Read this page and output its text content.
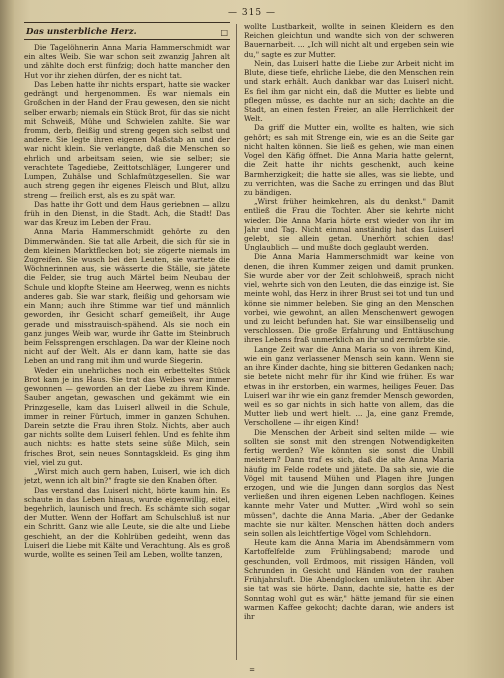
— 315 —
Das unsterbliche Herz.	□

Die Tagelöhnerin Anna Maria Hammerschmidt war ein altes Weib. Sie war schon seit zwanzig Jahren alt und zählte doch erst fünfzig; doch hatte mancher den Hut vor ihr ziehen dürfen, der es nicht tat.

Das Leben hatte ihr nichts erspart, hatte sie wacker gedrängt und hergenommen. Es war niemals ein Großchen in der Hand der Frau gewesen, den sie nicht selber erwarb; niemals ein Stück Brot, für das sie nicht mit Schweiß, Mühe und Schwielen zahlte. Sie war fromm, derb, fleißig und streng gegen sich selbst und andere. Sie legte ihren eigenen Maßstab an und der war nicht klein. Sie verlangte, daß die Menschen so ehrlich und arbeitsam seien, wie sie selber; sie verachtete Tagediebe, Zeittotschläger, Lungerer und Lumpen, Zuhälse und Schlafmützgesellen. Sie war auch streng gegen ihr eigenes Fleisch und Blut, allzu streng — freilich erst, als es zu spät war.

Das hatte ihr Gott und dem Haus geriebnen — allzu früh in den Dienst, in die Stadt. Ach, die Stadt! Das war das Kreuz im Leben der Frau.

Anna Maria Hammerschmidt gehörte zu den Dimmerwänden. Sie tat alle Arbeit, die sich für sie in dem kleinen Marktflecken bot; sie zögerte niemals im Zugreifen. Sie wusch bei den Leuten, sie wartete die Wöchnerinnen aus, sie wässerte die Ställe, sie jätete die Felder, sie trug auch Märtel beim Neubau der Schule und klopfte Steine am Heerweg, wenn es nichts anderes gab. Sie war stark, fleißig und gehorsam wie ein Mann; auch ihre Stimme war tief und männlich geworden, ihr Gesicht scharf gemeißelt, ihr Auge gerade und misstrauisch-spähend. Als sie noch ein ganz junges Weib war, wurde ihr Gatte im Steinbruch beim Felssprengen erschlagen. Da war der Kleine noch nicht auf der Welt. Als er dann kam, hatte sie das Leben an und rang mit ihm und wurde Siegerin.

Weder ein unehrliches noch ein erbetteltes Stück Brot kam je ins Haus. Sie trat das Weibes war immer gewonnen — geworden an der Liebe zu ihrem Kinde. Sauber angetan, gewaschen und gekämmt wie ein Prinzgeselle, kam das Luiserl allweil in die Schule, immer in reiner Fürtuch, immer in ganzen Schuhen. Darein setzte die Frau ihren Stolz. Nichts, aber auch gar nichts sollte dem Luiserl fehlen. Und es fehlte ihm auch nichts: es hatte stets seine süße Milch, sein frisches Brot, sein neues Sonntagskleid. Es ging ihm viel, viel zu gut.

„Wirst mich auch gern haben, Luiserl, wie ich dich jetzt, wenn ich alt bin?" fragte sie den Knaben öfter.

Das verstand das Luiserl nicht, hörte kaum hin. Es schaute in das Leben hinaus, wurde eigenwillig, eitel, begehrlich, launisch und frech. Es schämte sich sogar der Mutter. Wenn der Hoffart am Schulschluß ist nur ein Schritt. Ganz wie alle Leute, sie die alte und Liebe geschieht, an der die Kohlrüben gedeiht, wenn das Luiserl die Liebe mit Kälte und Verachtung. Als es groß wurde, wollte es seinen Teil am Leben, wollte tanzen,

wollte Lustbarkeit, wollte in seinen Kleidern es den Reichen gleichtun und wandte sich von der schweren Bauernarbeit. ... „Ich will nicht alt und ergeben sein wie du," sagte es zur Mutter.

Nein, das Luiserl hatte die Liebe zur Arbeit nicht im Blute, diese tiefe, ehrliche Liebe, die den Menschen rein und stark erhält. Auch dankbar war das Luiserl nicht. Es fiel ihm gar nicht ein, daß die Mutter es liebte und pflegen müsse, es dachte nur an sich; dachte an die Stadt, an einen festen Freier, an alle Herrlichkeit der Welt.

Da griff die Mutter ein, wollte es halten, wie sich gehört; es sah mit Strenge ein, wie es an die Seite gar nicht halten können. Sie ließ es gehen, wie man einen Vogel den Käfig öffnet. Die Anna Maria hatte gelernt, die Zeit hatte ihr nichts geschenkt, auch keine Barmherzigkeit; die hatte sie alles, was sie liebte, und zu verrichten, was die Sache zu erringen und das Blut zu bändigen.

„Wirst früher heimkehren, als du denkst." Damit entließ die Frau die Tochter. Aber sie kehrte nicht wieder. Die Anna Maria hörte erst wieder von ihr im Jahr und Tag. Nicht einmal anständig hat das Luiserl gelebt, sie allein getan. Unerhört schien das! Unglaublich — und mußte doch geglaubt werden.

Die Anna Maria Hammerschmidt war keine von denen, die ihren Kummer zeigen und damit prunken. Sie wurde aber vor der Zeit schlohweiß, sprach nicht viel, wehrte sich von den Leuten, die das einzige ist. Sie meinte wohl, das Herz in ihrer Brust sei tot und tun und könne sie nimmer beleben. Sie ging an den Menschen vorbei, wie gewohnt, an allen Menschenwert gewogen und zu leicht befunden hat. Sie war einsilbenselig und verschlossen. Die große Erfahrung und Enttäuschung ihres Lebens fraß unmerklich an ihr und zermürbte sie.

Lange Zeit war die Anna Maria so von ihrem Kind, wie ein ganz verlassener Mensch sein kann. Wenn sie an ihre Kinder dachte, hing sie bitteren Gedanken nach; sie betete nicht mehr für ihr Kind wie früher. Es war etwas in ihr erstorben, ein warmes, heiliges Feuer. Das Luiserl war ihr wie ein ganz fremder Mensch geworden, weil es so gar nichts in sich hatte von allem, das die Mutter lieb und wert hielt. ... Ja, eine ganz Fremde, Verschollene — ihr eigen Kind!

Die Menschen der Arbeit sind selten milde — wie sollten sie sonst mit den strengen Notwendigkeiten fertig werden? Wie könnten sie sonst die Unbill meistern? Dann traf es sich, daß die alte Anna Maria häufig im Felde rodete und jätete. Da sah sie, wie die Vögel mit tausend Mühen und Plagen ihre Jungen erzogen, und wie die Jungen dann sorglos das Nest verließen und ihren eigenen Leben nachflogen. Keines kannte mehr Vater und Mutter. „Wird wohl so sein müssen", dachte die Anna Maria. „Aber der Gedanke machte sie nur kälter. Menschen hätten doch anders sein sollen als leichtfertige Vögel vom Schlehdorn.

Heute kam die Anna Maria im Abendsämmern vom Kartoffelfelde zum Frühlingsabend; marode und geschunden, voll Erdmoos, mit rissigen Händen, voll Schrunden in Gesicht und Händen von der rauhen Frühjahrsluft. Die Abendglocken umläuteten ihr. Aber sie tat was sie hörte. Dann, dachte sie, hatte es der Sonntag wohl gut es wär," hätte jemand für sie einen warmen Kaffee gekocht; dachte daran, wie anders ist ihr

=
